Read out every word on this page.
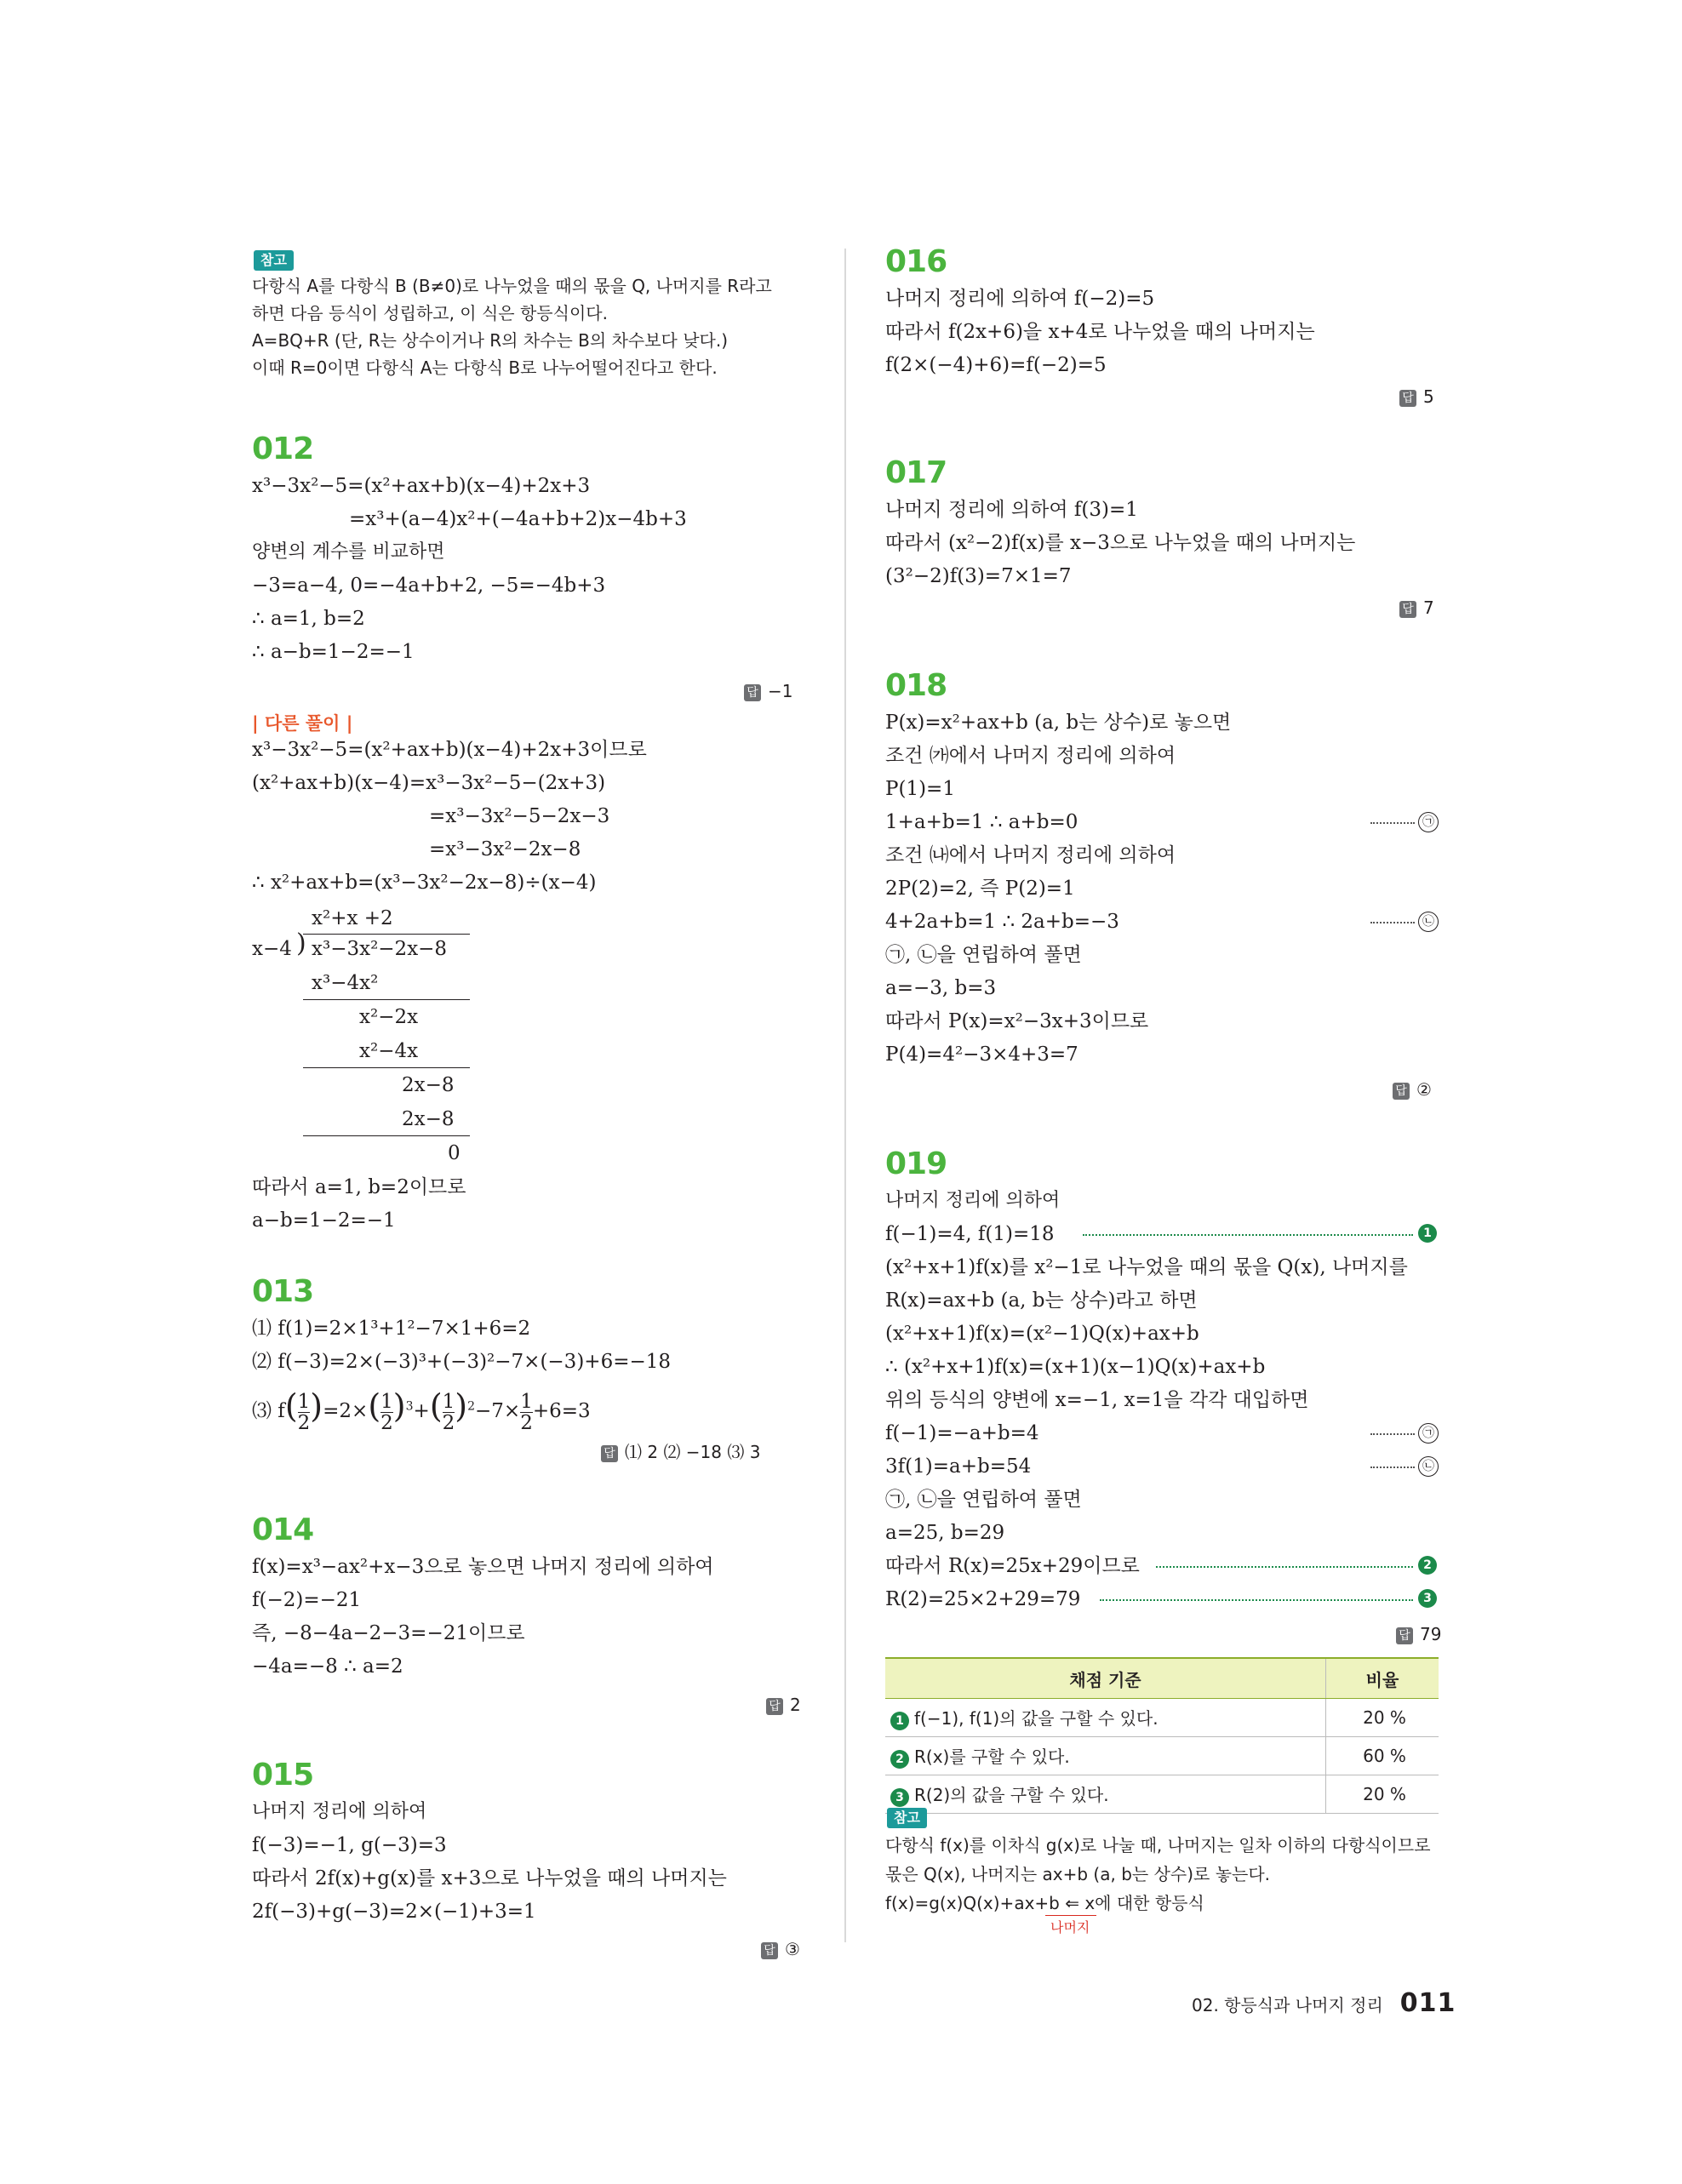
참고
다항식 A를 다항식 B (B≠0)로 나누었을 때의 몫을 Q, 나머지를 R라고
하면 다음 등식이 성립하고, 이 식은 항등식이다.
A=BQ+R (단, R는 상수이거나 R의 차수는 B의 차수보다 낮다.)
이때 R=0이면 다항식 A는 다항식 B로 나누어떨어진다고 한다.
012
x³−3x²−5=(x²+ax+b)(x−4)+2x+3
=x³+(a−4)x²+(−4a+b+2)x−4b+3
양변의 계수를 비교하면
−3=a−4, 0=−4a+b+2, −5=−4b+3
∴ a=1, b=2
∴ a−b=1−2=−1
답 −1
| 다른 풀이 |
x³−3x²−5=(x²+ax+b)(x−4)+2x+3이므로
(x²+ax+b)(x−4)=x³−3x²−5−(2x+3)
=x³−3x²−5−2x−3
=x³−3x²−2x−8
∴ x²+ax+b=(x³−3x²−2x−8)÷(x−4)
x²+x +2
x−4 ) x³−3x²−2x−8
x³−4x²
x²−2x
x²−4x
2x−8
2x−8
0
따라서 a=1, b=2이므로
a−b=1−2=−1
013
⑴ f(1)=2×1³+1²−7×1+6=2
⑵ f(−3)=2×(−3)³+(−3)²−7×(−3)+6=−18
⑶ $f(\frac{1}{2} )=2\times(\frac{1}{2} )^3+(\frac{1}{2} )^2-7\times\frac{1}{2} +6=3$
답 ⑴ 2 ⑵ −18 ⑶ 3
014
f(x)=x³−ax²+x−3으로 놓으면 나머지 정리에 의하여
f(−2)=−21
즉, −8−4a−2−3=−21이므로
−4a=−8 ∴ a=2
답 2
015
나머지 정리에 의하여
f(−3)=−1, g(−3)=3
따라서 2f(x)+g(x)를 x+3으로 나누었을 때의 나머지는
2f(−3)+g(−3)=2×(−1)+3=1
답 ③
016
나머지 정리에 의하여 f(−2)=5
따라서 f(2x+6)을 x+4로 나누었을 때의 나머지는
f(2×(−4)+6)=f(−2)=5
답 5
017
나머지 정리에 의하여 f(3)=1
따라서 (x²−2)f(x)를 x−3으로 나누었을 때의 나머지는
(3²−2)f(3)=7×1=7
답 7
018
P(x)=x²+ax+b (a, b는 상수)로 놓으면
조건 ㈎에서 나머지 정리에 의하여
P(1)=1
1+a+b=1 ∴ a+b=0	㉠
조건 ㈏에서 나머지 정리에 의하여
2P(2)=2, 즉 P(2)=1
4+2a+b=1 ∴ 2a+b=−3	㉡
㉠, ㉡을 연립하여 풀면
a=−3, b=3
따라서 P(x)=x²−3x+3이므로
P(4)=4²−3×4+3=7
답 ②
019
나머지 정리에 의하여
f(−1)=4, f(1)=18	1
(x²+x+1)f(x)를 x²−1로 나누었을 때의 몫을 Q(x), 나머지를
R(x)=ax+b (a, b는 상수)라고 하면
(x²+x+1)f(x)=(x²−1)Q(x)+ax+b
∴ (x²+x+1)f(x)=(x+1)(x−1)Q(x)+ax+b
위의 등식의 양변에 x=−1, x=1을 각각 대입하면
f(−1)=−a+b=4	㉠
3f(1)=a+b=54	㉡
㉠, ㉡을 연립하여 풀면
a=25, b=29
따라서 R(x)=25x+29이므로	2
R(2)=25×2+29=79	3
답 79
채점 기준	비율
1 f(−1), f(1)의 값을 구할 수 있다.	20 %
2 R(x)를 구할 수 있다.	60 %
3 R(2)의 값을 구할 수 있다.	20 %
참고
다항식 f(x)를 이차식 g(x)로 나눌 때, 나머지는 일차 이하의 다항식이므로
몫은 Q(x), 나머지는 ax+b (a, b는 상수)로 놓는다.
f(x)=g(x)Q(x)+ax+b ⇐ x에 대한 항등식
나머지
02. 항등식과 나머지 정리 011
